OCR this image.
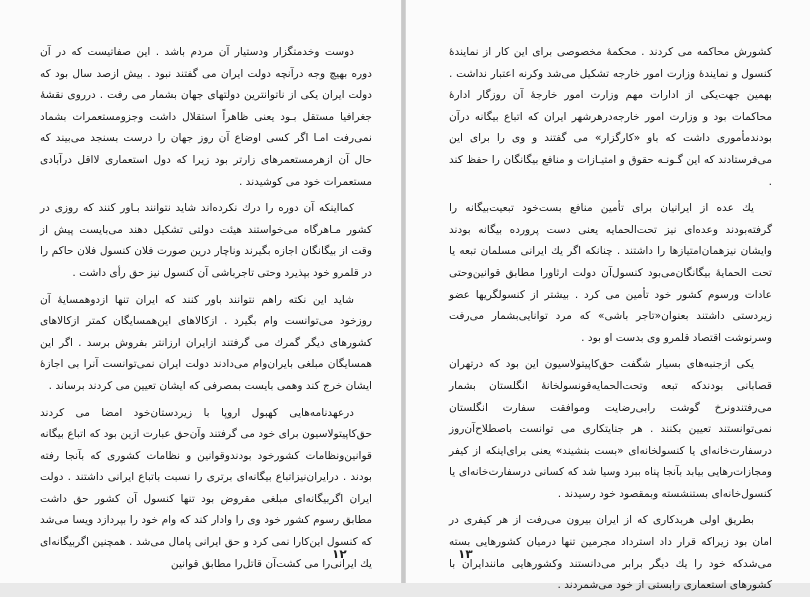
دوست وخدمتگزار ودستیار آن مردم باشد . این صفاتیست که در آن دوره بهیچ وجه درآنچه دولت ایران می گفتند نبود . بیش ازصد سال بود که دولت ایران یکی از ناتوانترین دولتهای جهان بشمار می رفت . درروی نقشهٔ جغرافیا مستقل بـود یعنی ظاهراً استقلال داشت وجزومستعمرات بشماد نمی‌رفت امـا اگر کسی اوضاع آن روز جهان را درست بسنجد می‌بیند که حال آن ازهرمستعمرهای زارتر بود زیرا که دول استعماری لااقل درآبادی مستعمرات خود می کوشیدند .

کمااینکه آن دوره را درك نکرده‌اند شاید نتوانند بـاور کنند که روزی در کشور مـاهرگاه می‌خواستند هیئت دولتی تشکیل دهند می‌بایست پیش از وقت از بیگانگان اجازه بگیرند وناچار درین صورت فلان کنسول فلان حاکم را در قلمرو خود بپذیرد وحتی تاجرباشی آن کنسول نیز حق رأی داشت .

شاید این نکته راهم نتوانند باور کنند که ایران تنها ازدوهمسایهٔ آن روزخود می‌توانست وام بگیرد . ازکالاهای این‌همسایگان کمتر ازکالاهای کشورهای دیگر گمرك می گرفتند ازایران ارزانتر بفروش برسد . اگر این همسایگان مبلغی بایران‌وام می‌دادند دولت ایران نمی‌توانست آنرا بی اجازهٔ ایشان خرج کند وهمی بایست بمصرفی که ایشان تعیین می کردند برساند .

درعهدنامه‌هایی کهبول اروپا با زیردستان‌خود امضا می کردند حق‌کاپیتولاسیون برای خود می گرفتند وآن‌حق عبارت ازین بود که اتباع بیگانه قوانین‌ونظامات کشور‌خود بودند‌و‌قوانین و نظامات کشوری که بآنجا رفته بودند . درایران‌نیزاتباع بیگانه‌ای برتری را نسبت باتباع ایرانی داشتند . دولت ایران اگربیگانه‌ای مبلغی مقروض بود تنها کنسول آن کشور حق داشت مطابق رسوم کشور خود وی را وادار کند که وام خود را بپردازد ویسا می‌شد که کنسول این‌کارا نمی کرد و حق ایرانی پامال می‌شد . همچنین اگربیگانه‌ای یك ایرانی‌را می کشت‌آن قاتل‌را مطابق قوانین

۱۲

کشورش محاکمه می کردند . محکمهٔ مخصوصی برای این کار از نمایندهٔ کنسول و نمایندهٔ وزارت امور خارجه تشکیل می‌شد وکرنه اعتبار نداشت . بهمین جهت‌یکی از ادارات مهم وزارت امور خارجهٔ آن روزگار ادارهٔ محاکمات بود و وزارت امور خارجه‌درهرشهر ایران که اتباع بیگانه درآن بودند‌مأموری داشت که باو «کارگزار» می گفتند و وی را برای این می‌فرستادند که این گـونـه حقوق و امتیـازات و منافع بیگانگان را حفظ کند .

یك عده از ایرانیان برای تأمین منافع بست‌خود تبعیت‌بیگانه را گرفته‌بودند وعده‌ای نیز تحت‌الحمایه یعنی دست پرورده بیگانه بودند وایشان نیزهمان‌امتیازها را داشتند . چنانکه اگر یك ایرانی مسلمان تبعه یا تحت الحمایهٔ بیگانگان‌می‌بود کنسول‌آن دولت ارثاورا مطابق قوانین‌وحتی عادات ورسوم کشور خود تأمین می کرد . بیشتر از کنسولگریها عضو زیردستی داشتند بعنوان«تاجر باشی» که مرد توانایی‌بشمار می‌رفت وسرنوشت اقتصاد قلمرو وی بدست او بود .

یکی ازجنبه‌های بسیار شگفت حق‌کاپیتولاسیون این بود که درتهران قصابانی بودند‌که تبعه وتحت‌الحمایه‌قونسولخانهٔ انگلستان بشمار می‌رفتندونرخ گوشت رابی‌رضایت وموافقت سفارت انگلستان نمی‌توانستند تعیین بکنند . هر جنایتکاری می توانست باصطلاح‌آن‌روز درسفارت‌خانه‌ای یا کنسولخانه‌ای «بست بنشیند» یعنی برای‌اینکه از کیفر ومجازات‌رهایی بیابد بآنجا پناه ببرد وسیا شد که کسانی درسفارت‌خانه‌ای یا کنسول‌خانه‌ای بستنشسته وبمقصود خود رسیدند .

بطریق اولی هربدکاری که از ایران بیرون می‌رفت از هر کیفری در امان بود زیراکه قرار داد استرداد مجرمین تنها درمیان کشورهایی بسته می‌شدکه خود را یك دیگر برابر می‌دانستند وکشورهایی مانندایران با کشورهای استعماری رابستی از خود می‌شمردند .

۱۳
